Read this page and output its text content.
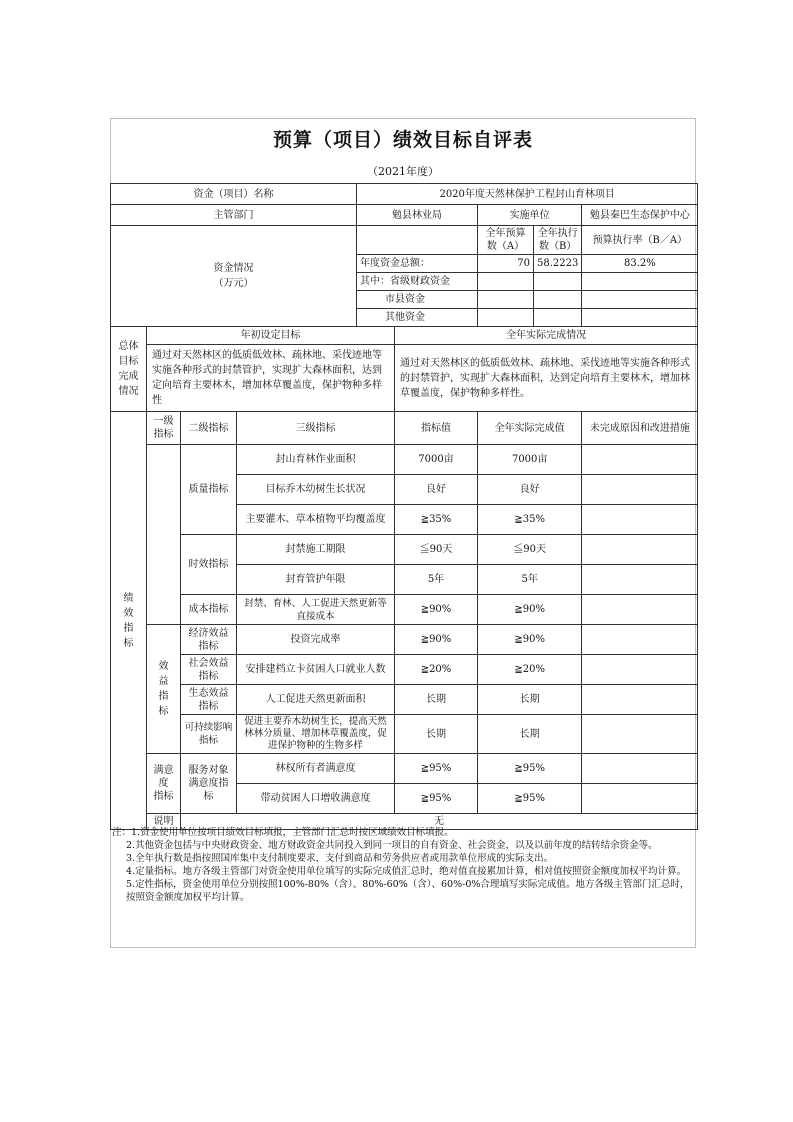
预算（项目）绩效目标自评表
（2021年度）
资金（项目）名称				2020年度天然林保护工程封山育林项目				
主管部门				勉县林业局		实施单位		勉县秦巴生态保护中心
资金情况
（万元）						全年预算数（A）	全年执行数（B）	预算执行率（B／A）
				年度资金总额：		70	58.2223	83.2%
				其中：省级财政资金				
				市县资金				
				其他资金				
总体
目标
完成
情况	年初设定目标				全年实际完成情况			
	通过对天然林区的低质低效林、疏林地、采伐迹地等实施各种形式的封禁管护，实现扩大森林面积，达到定向培育主要林木，增加林草覆盖度，保护物种多样性				通过对天然林区的低质低效林、疏林地、采伐迹地等实施各种形式的封禁管护，实现扩大森林面积，达到定向培育主要林木，增加林草覆盖度，保护物种多样性。			
绩
效
指
标	一级
指标	二级指标	三级指标		指标值	全年实际完成值		未完成原因和改进措施
		质量指标	封山育林作业面积		7000亩	7000亩		
			目标乔木幼树生长状况		良好	良好		
			主要灌木、草本植物平均覆盖度		≧35%	≧35%		
		时效指标	封禁施工期限		≦90天	≦90天		
			封育管护年限		5年	5年		
		成本指标	封禁、育林、人工促进天然更新等直接成本		≧90%	≧90%		
	效
益
指
标	经济效益
指标	投资完成率		≧90%	≧90%		
		社会效益
指标	安排建档立卡贫困人口就业人数		≧20%	≧20%		
		生态效益
指标	人工促进天然更新面积		长期	长期		
		可持续影响
指标	促进主要乔木幼树生长，提高天然林林分质量、增加林草覆盖度，促进保护物种的生物多样		长期	长期		
	满意度
指标	服务对象
满意度指标	林权所有者满意度		≧95%	≧95%		
			带动贫困人口增收满意度		≧95%	≧95%		
	说明	无						
注：1.资金使用单位按项目绩效目标填报，主管部门汇总时按区域绩效目标填报。
2.其他资金包括与中央财政资金、地方财政资金共同投入到同一项目的自有资金、社会资金，以及以前年度的结转结余资金等。
3.全年执行数是指按照国库集中支付制度要求，支付到商品和劳务供应者或用款单位形成的实际支出。
4.定量指标。地方各级主管部门对资金使用单位填写的实际完成值汇总时，绝对值直接累加计算，相对值按照资金额度加权平均计算。
5.定性指标，资金使用单位分别按照100%-80%（含）、80%-60%（含）、60%-0%合理填写实际完成值。地方各级主管部门汇总时，按照资金额度加权平均计算。
